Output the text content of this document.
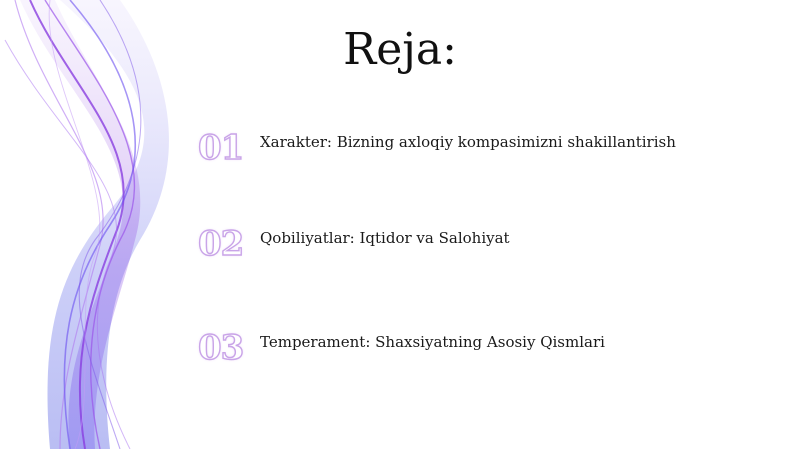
Reja:
01	Xarakter: Bizning axloqiy kompasimizni shakillantirish
02	Qobiliyatlar: Iqtidor va Salohiyat
03	Temperament: Shaxsiyatning Asosiy Qismlari
